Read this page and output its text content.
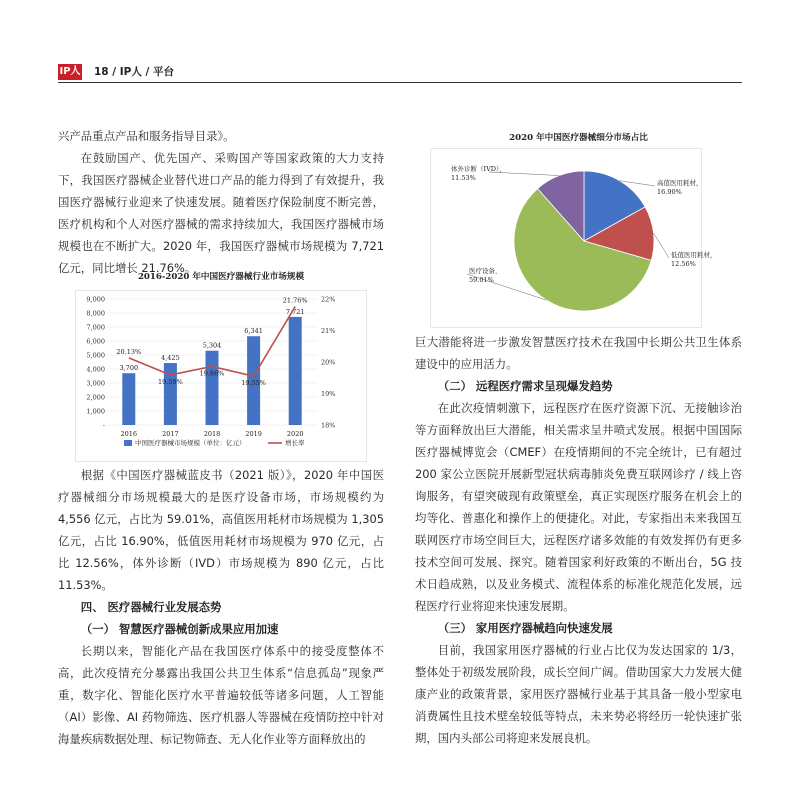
IP人 18 / IP人 / 平台

兴产品重点产品和服务指导目录》。

在鼓励国产、优先国产、采购国产等国家政策的大力支持下，我国医疗器械企业替代进口产品的能力得到了有效提升，我国医疗器械行业迎来了快速发展。随着医疗保险制度不断完善，医疗机构和个人对医疗器械的需求持续加大，我国医疗器械市场规模也在不断扩大。2020 年，我国医疗器械市场规模为 7,721 亿元，同比增长 21.76%。

2016-2020 年中国医疗器械行业市场规模
-
1,000
2,000
3,000
4,000
5,000
6,000
7,000
8,000
9,000
18%
19%
20%
21%
22%
3,700
2016
4,425
2017
5,304
2018
6,341
2019
7,721
2020
20.13%
19.59%
19.86%
19.55%
21.76%
中国医疗器械市场规模（单位：亿元）	增长率

根据《中国医疗器械蓝皮书（2021 版）》，2020 年中国医疗器械细分市场规模最大的是医疗设备市场，市场规模约为 4,556 亿元，占比为 59.01%，高值医用耗材市场规模为 1,305 亿元，占比 16.90%，低值医用耗材市场规模为 970 亿元，占比 12.56%，体外诊断（IVD）市场规模为 890 亿元，占比 11.53%。

四、 医疗器械行业发展态势

（一） 智慧医疗器械创新成果应用加速

长期以来，智能化产品在我国医疗体系中的接受度整体不高，此次疫情充分暴露出我国公共卫生体系“信息孤岛”现象严重，数字化、智能化医疗水平普遍较低等诸多问题，人工智能（AI）影像、AI 药物筛选、医疗机器人等器械在疫情防控中针对海量疾病数据处理、标记物筛查、无人化作业等方面释放出的

2020 年中国医疗器械细分市场占比
高值医用耗材，
16.90%
低值医用耗材，
12.56%
医疗设备，
59.01%
体外诊断（IVD），
11.53%

巨大潜能将进一步激发智慧医疗技术在我国中长期公共卫生体系建设中的应用活力。

（二） 远程医疗需求呈现爆发趋势

在此次疫情刺激下，远程医疗在医疗资源下沉、无接触诊治等方面释放出巨大潜能，相关需求呈井喷式发展。根据中国国际医疗器械博览会（CMEF）在疫情期间的不完全统计，已有超过 200 家公立医院开展新型冠状病毒肺炎免费互联网诊疗 / 线上咨询服务，有望突破现有政策壁垒，真正实现医疗服务在机会上的均等化、普惠化和操作上的便捷化。对此，专家指出未来我国互联网医疗市场空间巨大，远程医疗诸多效能的有效发挥仍有更多技术空间可发展、探究。随着国家利好政策的不断出台，5G 技术日趋成熟，以及业务模式、流程体系的标准化规范化发展，远程医疗行业将迎来快速发展期。

（三） 家用医疗器械趋向快速发展

目前，我国家用医疗器械的行业占比仅为发达国家的 1/3，整体处于初级发展阶段，成长空间广阔。借助国家大力发展大健康产业的政策背景，家用医疗器械行业基于其具备一般小型家电消费属性且技术壁垒较低等特点，未来势必将经历一轮快速扩张期，国内头部公司将迎来发展良机。
